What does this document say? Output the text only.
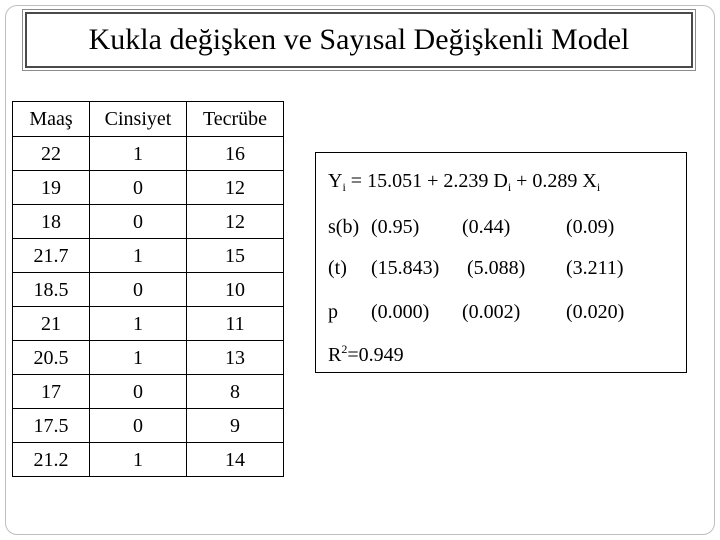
Kukla değişken ve Sayısal Değişkenli Model
Maaş	Cinsiyet	Tecrübe
22	1	16
19	0	12
18	0	12
21.7	1	15
18.5	0	10
21	1	11
20.5	1	13
17	0	8
17.5	0	9
21.2	1	14
$Y_i = 15.051 + 2.239$ $D_i + 0.289$ $X_i$
s(b) (0.95) (0.44)	(0.09)
(t) (15.843) (5.088) (3.211)
p (0.000) (0.002) (0.020)
$R^2=0.949$
